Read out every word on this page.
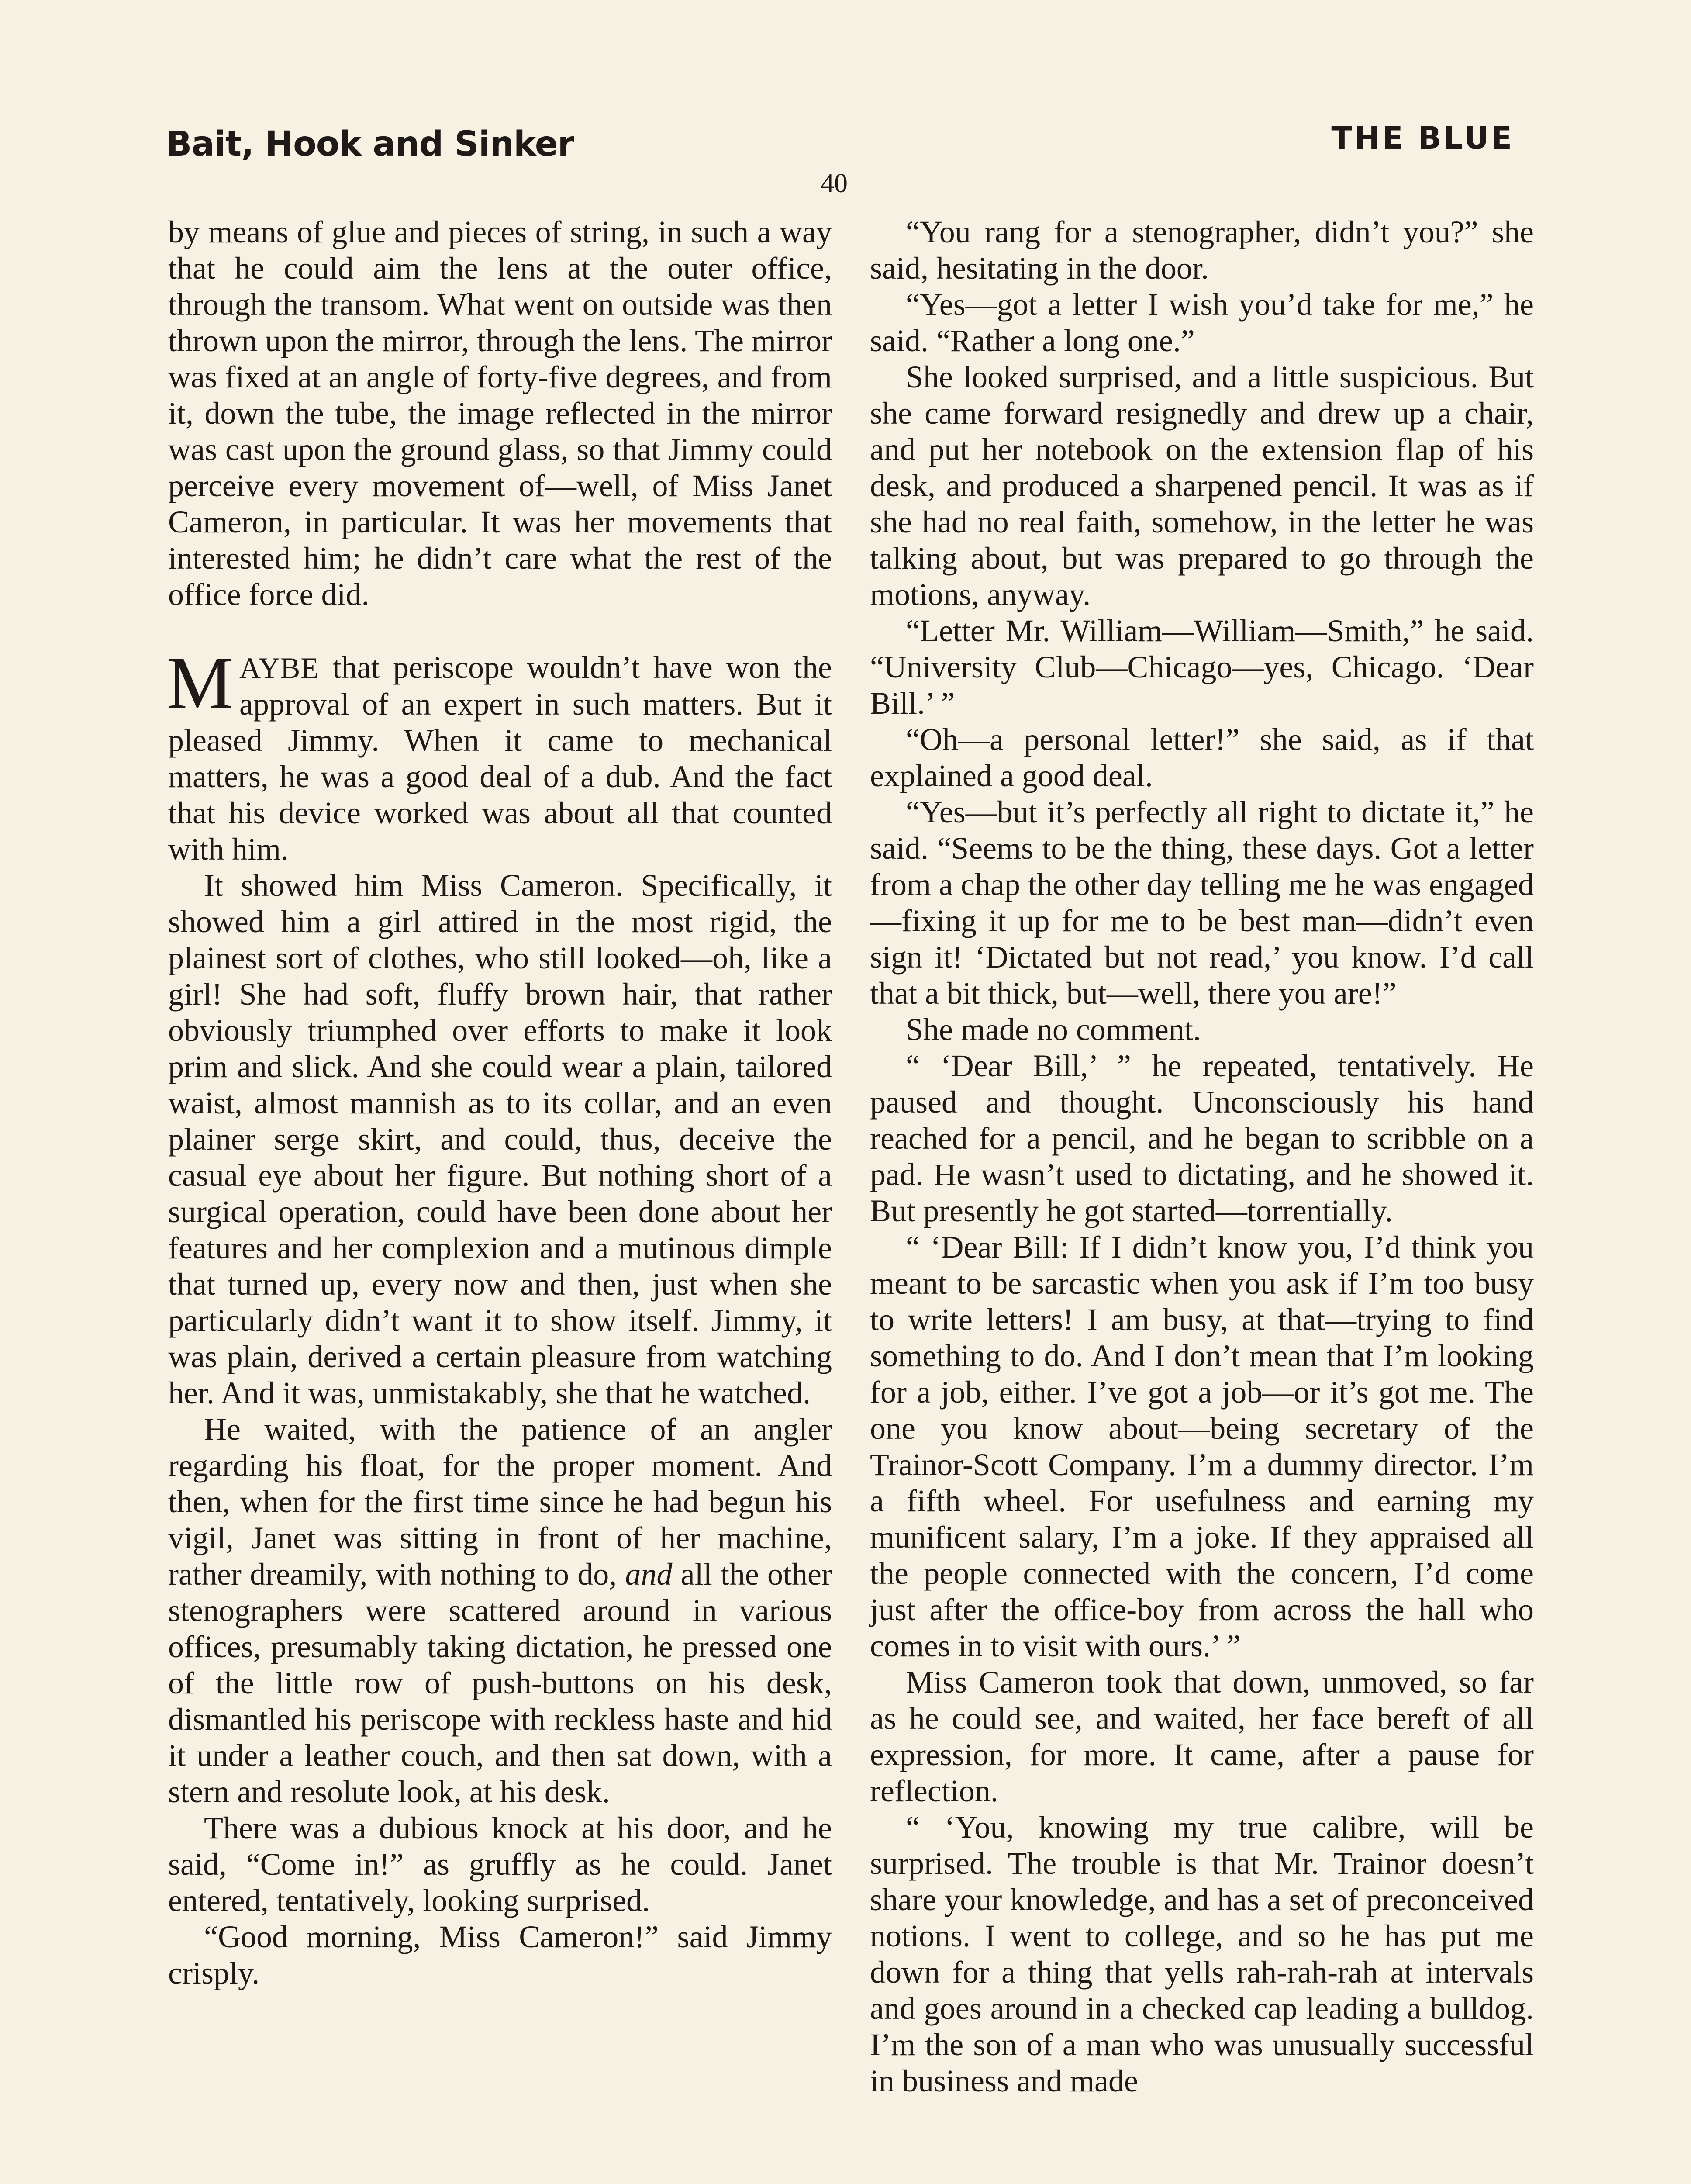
Bait, Hook and Sinker	THE BLUE
40

by means of glue and pieces of string, in such a way that he could aim the lens at the outer office, through the transom. What went on outside was then thrown upon the mirror, through the lens. The mirror was fixed at an angle of forty-five degrees, and from it, down the tube, the image reflected in the mirror was cast upon the ground glass, so that Jimmy could perceive every movement of—well, of Miss Janet Cameron, in particular. It was her movements that interested him; he didn’t care what the rest of the office force did.

MAYBE that periscope wouldn’t have won the approval of an expert in such matters. But it pleased Jimmy. When it came to mechanical matters, he was a good deal of a dub. And the fact that his device worked was about all that counted with him.

It showed him Miss Cameron. Specifically, it showed him a girl attired in the most rigid, the plainest sort of clothes, who still looked—oh, like a girl! She had soft, fluffy brown hair, that rather obviously triumphed over efforts to make it look prim and slick. And she could wear a plain, tailored waist, almost mannish as to its collar, and an even plainer serge skirt, and could, thus, deceive the casual eye about her figure. But nothing short of a surgical operation, could have been done about her features and her complexion and a mutinous dimple that turned up, every now and then, just when she particularly didn’t want it to show itself. Jimmy, it was plain, derived a certain pleasure from watching her. And it was, unmistakably, she that he watched.

He waited, with the patience of an angler regarding his float, for the proper moment. And then, when for the first time since he had begun his vigil, Janet was sitting in front of her machine, rather dreamily, with nothing to do, and all the other stenographers were scattered around in various offices, presumably taking dictation, he pressed one of the little row of push-buttons on his desk, dismantled his periscope with reckless haste and hid it under a leather couch, and then sat down, with a stern and resolute look, at his desk.

There was a dubious knock at his door, and he said, “Come in!” as gruffly as he could. Janet entered, tentatively, looking surprised.

“Good morning, Miss Cameron!” said Jimmy crisply.

“You rang for a stenographer, didn’t you?” she said, hesitating in the door.

“Yes—got a letter I wish you’d take for me,” he said. “Rather a long one.”

She looked surprised, and a little suspicious. But she came forward resignedly and drew up a chair, and put her notebook on the extension flap of his desk, and produced a sharpened pencil. It was as if she had no real faith, somehow, in the letter he was talking about, but was prepared to go through the motions, anyway.

“Letter Mr. William—William—Smith,” he said. “University Club—Chicago—yes, Chicago. ‘Dear Bill.’ ”

“Oh—a personal letter!” she said, as if that explained a good deal.

“Yes—but it’s perfectly all right to dictate it,” he said. “Seems to be the thing, these days. Got a letter from a chap the other day telling me he was engaged—fixing it up for me to be best man—didn’t even sign it! ‘Dictated but not read,’ you know. I’d call that a bit thick, but—well, there you are!”

She made no comment.

“ ‘Dear Bill,’ ” he repeated, tentatively. He paused and thought. Unconsciously his hand reached for a pencil, and he began to scribble on a pad. He wasn’t used to dictating, and he showed it. But presently he got started—torrentially.

“ ‘Dear Bill: If I didn’t know you, I’d think you meant to be sarcastic when you ask if I’m too busy to write letters! I am busy, at that—trying to find something to do. And I don’t mean that I’m looking for a job, either. I’ve got a job—or it’s got me. The one you know about—being secretary of the Trainor-Scott Company. I’m a dummy director. I’m a fifth wheel. For usefulness and earning my munificent salary, I’m a joke. If they appraised all the people connected with the concern, I’d come just after the office-boy from across the hall who comes in to visit with ours.’ ”

Miss Cameron took that down, unmoved, so far as he could see, and waited, her face bereft of all expression, for more. It came, after a pause for reflection.

“ ‘You, knowing my true calibre, will be surprised. The trouble is that Mr. Trainor doesn’t share your knowledge, and has a set of preconceived notions. I went to college, and so he has put me down for a thing that yells rah-rah-rah at intervals and goes around in a checked cap leading a bulldog. I’m the son of a man who was unusually successful in business and made
